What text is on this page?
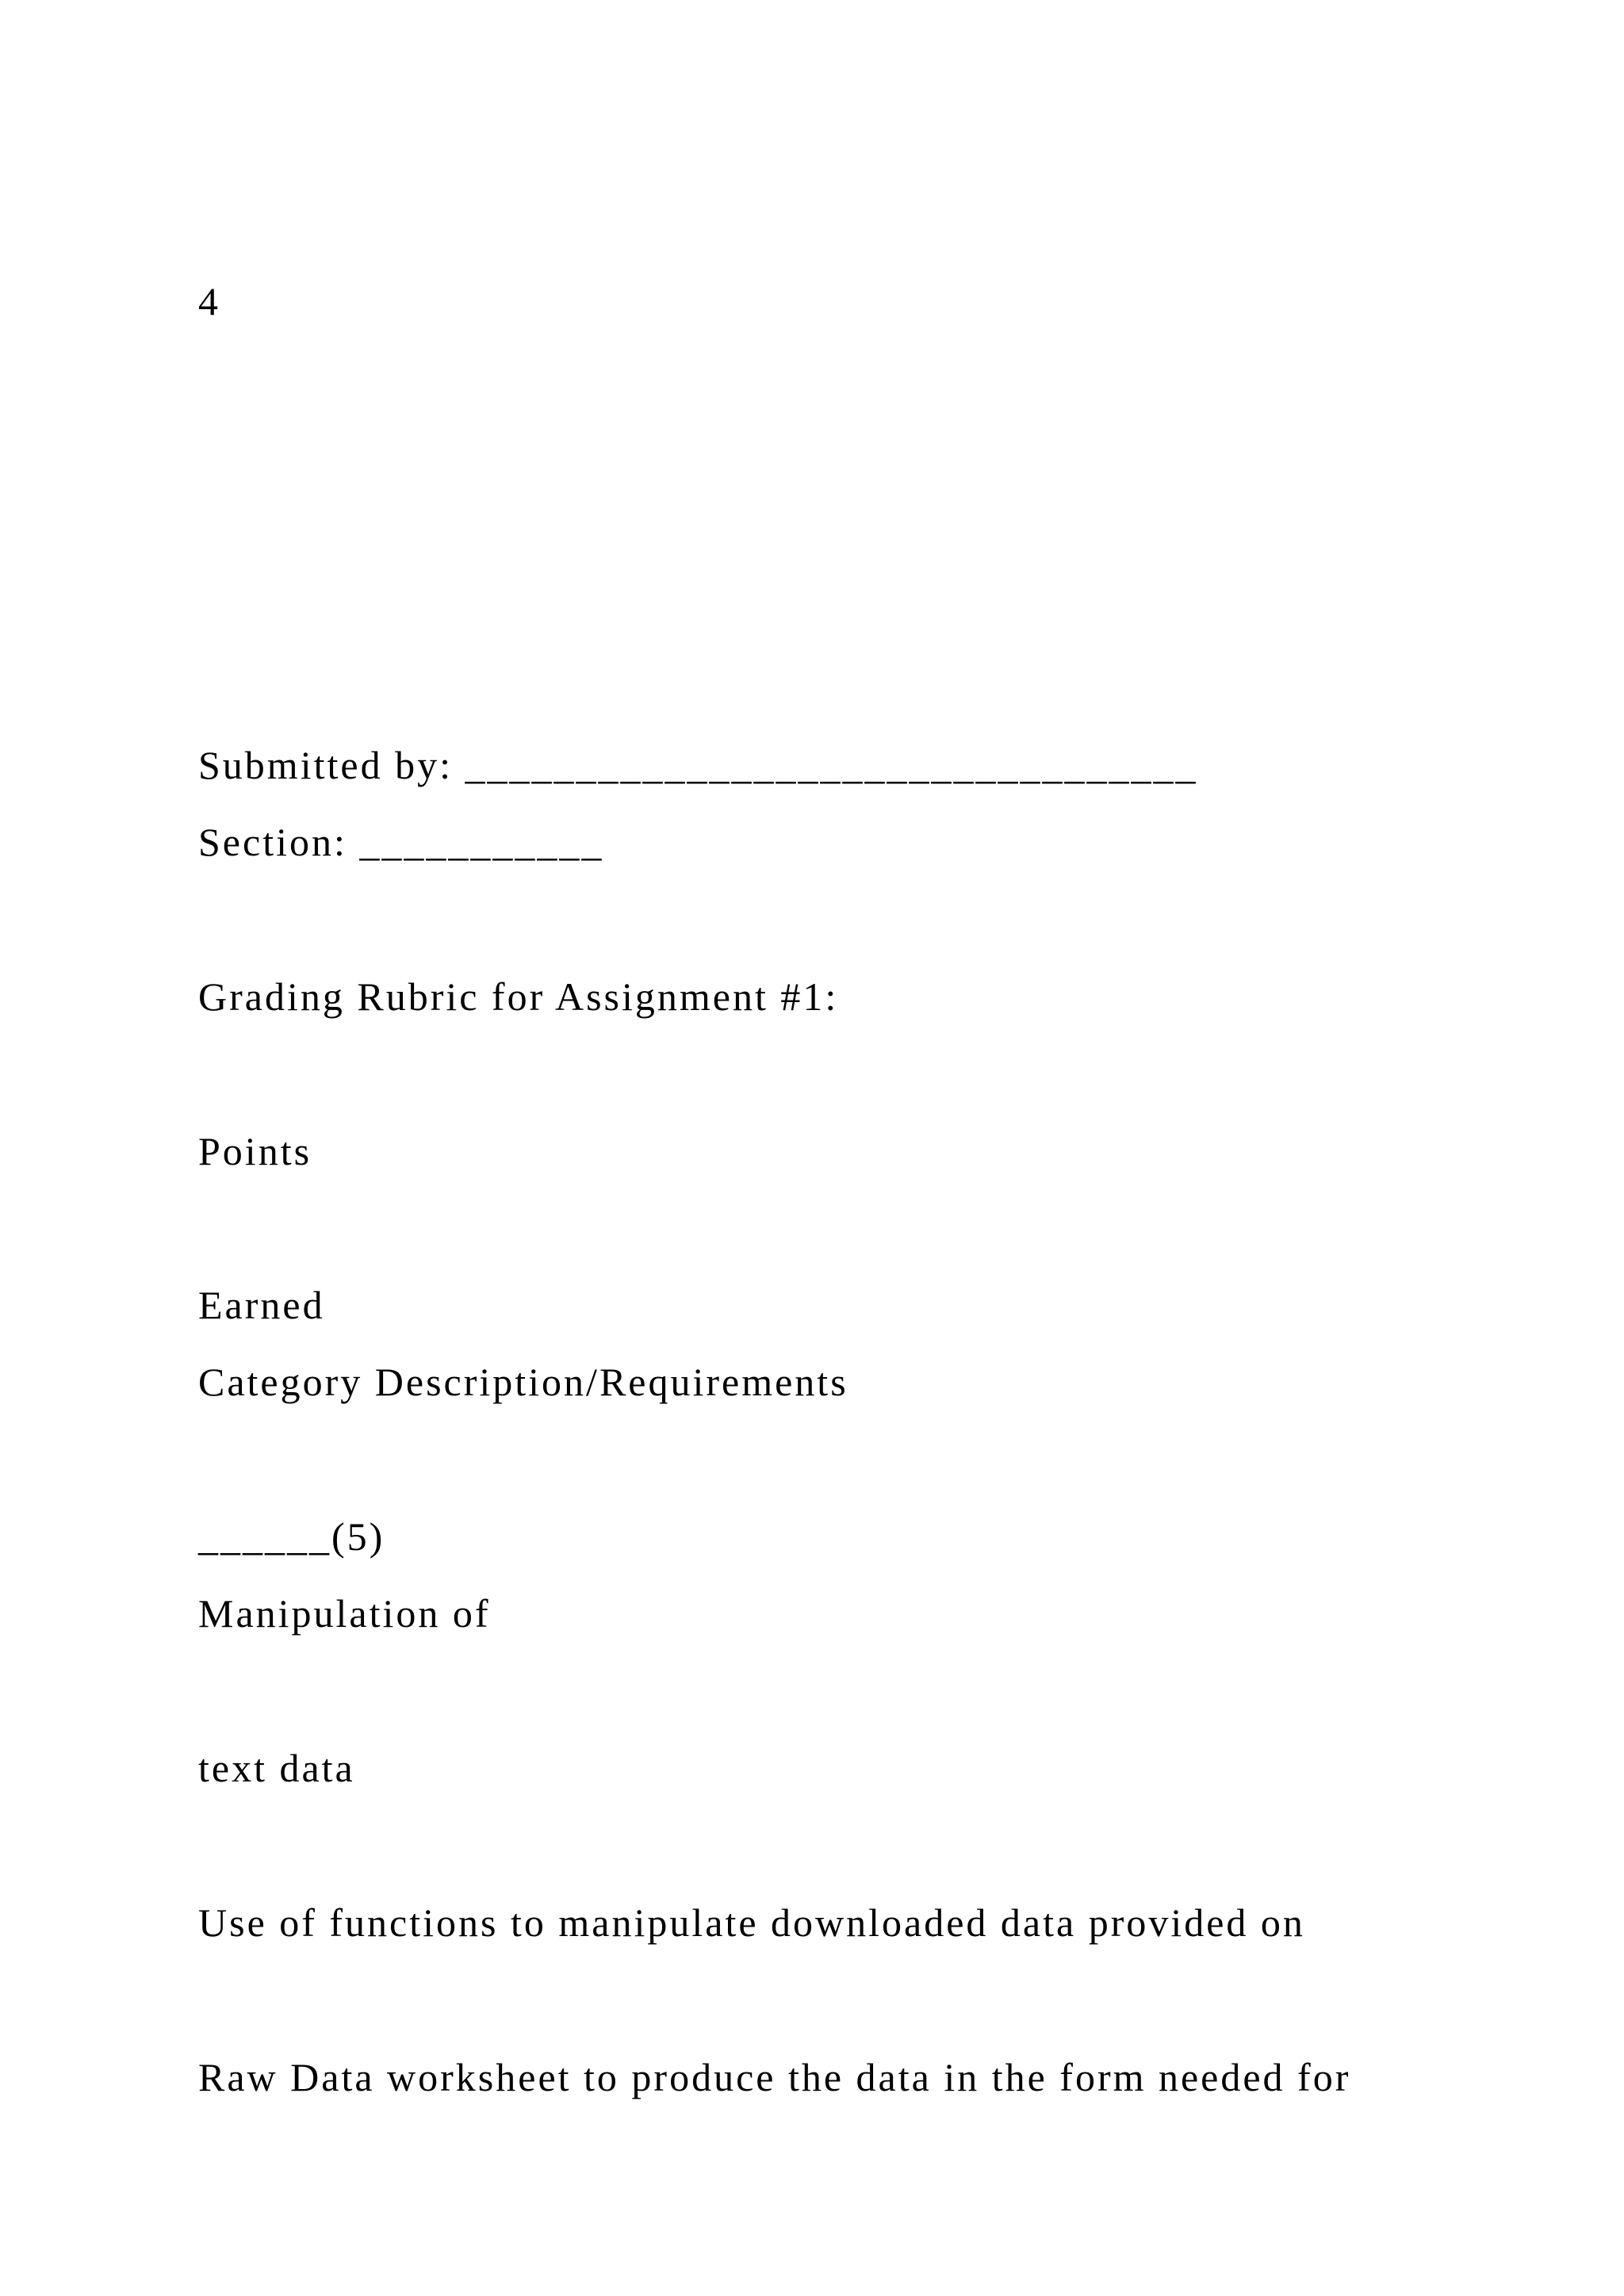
4

Submitted by: _________________________________

Section: ___________

Grading Rubric for Assignment #1:

Points

Earned

Category Description/Requirements

______(5)

Manipulation of

text data

Use of functions to manipulate downloaded data provided on

Raw Data worksheet to produce the data in the form needed for
